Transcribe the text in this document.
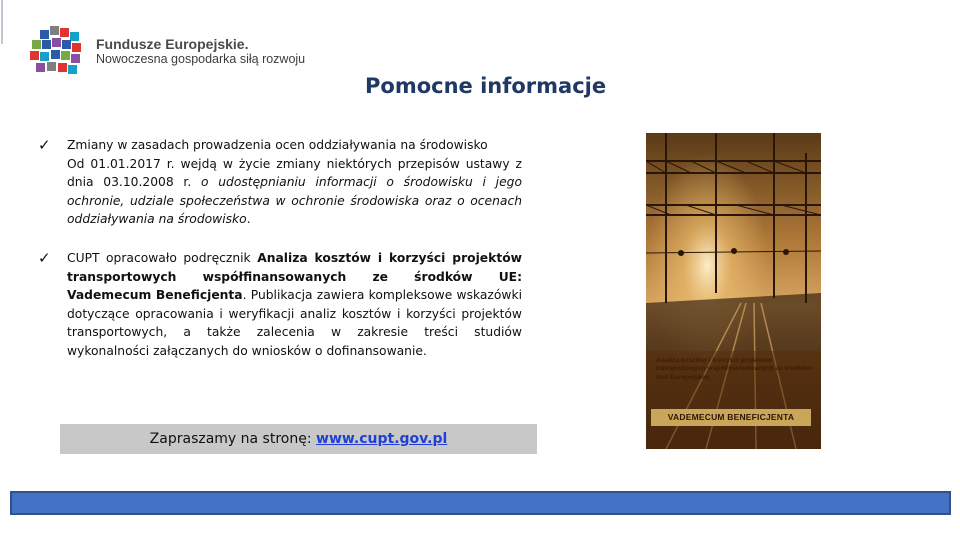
Fundusze Europejskie.
Nowoczesna gospodarka siłą rozwoju
Pomocne informacje
✓ Zmiany w zasadach prowadzenia ocen oddziaływania na środowisko
Od 01.01.2017 r. wejdą w życie zmiany niektórych przepisów ustawy z dnia 03.10.2008 r. o udostępnianiu informacji o środowisku i jego ochronie, udziale społeczeństwa w ochronie środowiska oraz o ocenach oddziaływania na środowisko.
✓ CUPT opracowało podręcznik Analiza kosztów i korzyści projektów transportowych współfinansowanych ze środków UE: Vademecum Beneficjenta. Publikacja zawiera kompleksowe wskazówki dotyczące opracowania i weryfikacji analiz kosztów i korzyści projektów transportowych, a także zalecenia w zakresie treści studiów wykonalności załączanych do wniosków o dofinansowanie.
Zapraszamy na stronę: www.cupt.gov.pl
Analiza kosztów i korzyści projektów transportowych współfinansowanych ze środków Unii Europejskiej
VADEMECUM BENEFICJENTA
